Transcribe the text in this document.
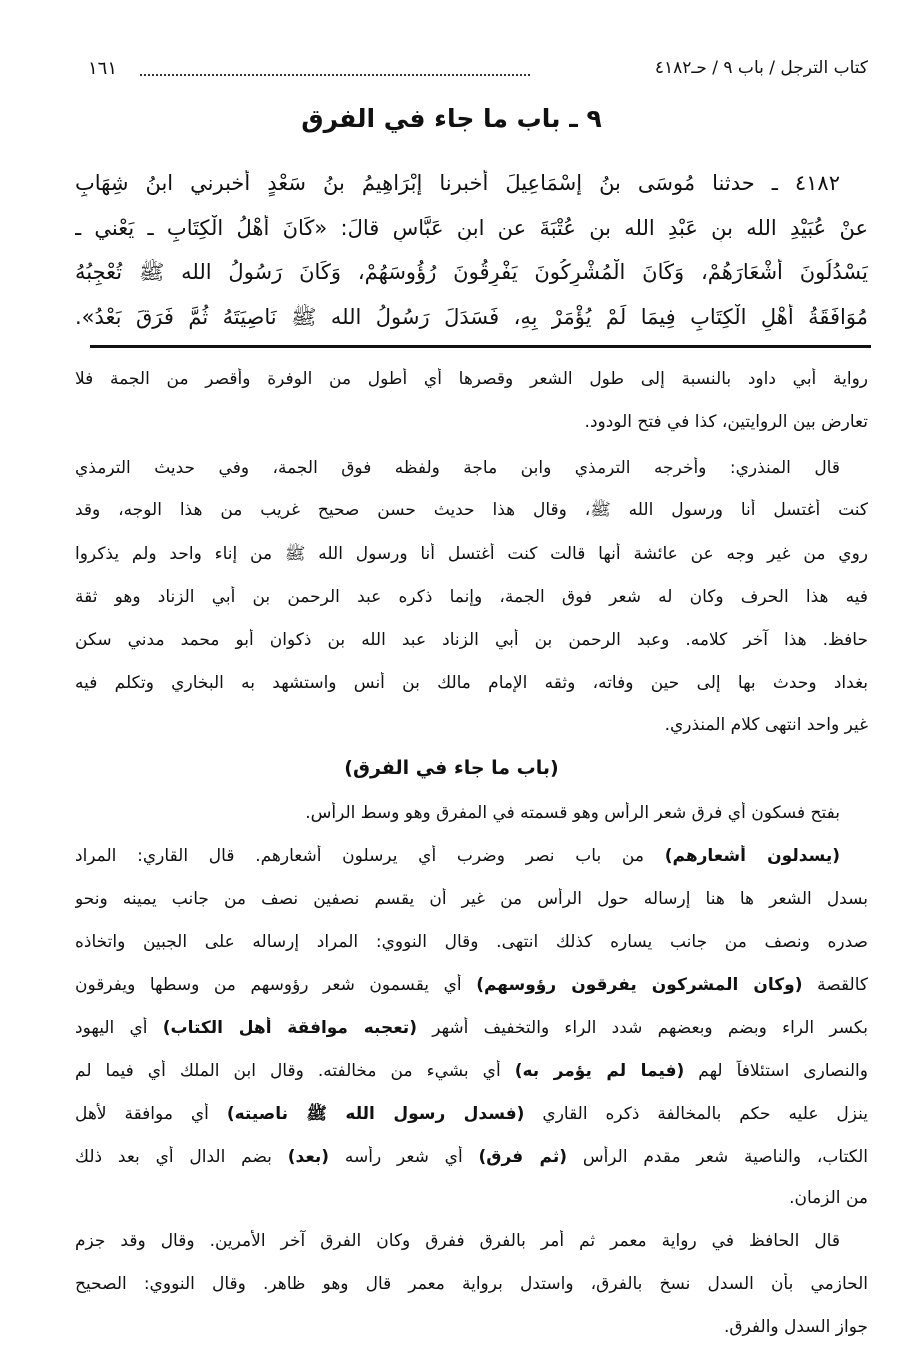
١٦١	كتاب الترجل / باب ٩ / حـ٤١٨٢
٩ ـ باب ما جاء في الفرق
٤١٨٢ ـ حدثنا مُوسَى بنُ إسْمَاعِيلَ أخبرنا إبْرَاهِيمُ بنُ سَعْدٍ أخبرني ابنُ شِهَابٍ
عنْ عُبَيْدِ الله بنِ عَبْدِ الله بنِ عُتْبَةَ عن ابنِ عَبَّاسٍ قالَ: «كَانَ أَهْلُ الْكِتَابِ ـ يَعْني ـ
يَسْدُلُونَ أَشْعَارَهُمْ، وَكَانَ الْمُشْرِكُونَ يَفْرِقُونَ رُؤُوسَهُمْ، وَكَانَ رَسُولُ الله ﷺ تُعْجِبُهُ
مُوَافَقَةُ أَهْلِ الْكِتَابِ فِيمَا لَمْ يُؤْمَرْ بِهِ، فَسَدَلَ رَسُولُ الله ﷺ نَاصِيَتَهُ ثُمَّ فَرَقَ بَعْدُ».
رواية أبي داود بالنسبة إلى طول الشعر وقصرها أي أطول من الوفرة وأقصر من الجمة فلا
تعارض بين الروايتين، كذا في فتح الودود.
قال المنذري: وأخرجه الترمذي وابن ماجة ولفظه فوق الجمة، وفي حديث الترمذي
كنت أغتسل أنا ورسول الله ﷺ، وقال هذا حديث حسن صحيح غريب من هذا الوجه، وقد
روي من غير وجه عن عائشة أنها قالت كنت أغتسل أنا ورسول الله ﷺ من إناء واحد ولم يذكروا
فيه هذا الحرف وكان له شعر فوق الجمة، وإنما ذكره عبد الرحمن بن أبي الزناد وهو ثقة
حافظ. هذا آخر كلامه. وعبد الرحمن بن أبي الزناد عبد الله بن ذكوان أبو محمد مدني سكن
بغداد وحدث بها إلى حين وفاته، وثقه الإمام مالك بن أنس واستشهد به البخاري وتكلم فيه
غير واحد انتهى كلام المنذري.
(باب ما جاء في الفرق)
بفتح فسكون أي فرق شعر الرأس وهو قسمته في المفرق وهو وسط الرأس.
(يسدلون أشعارهم) من باب نصر وضرب أي يرسلون أشعارهم. قال القاري: المراد
بسدل الشعر ها هنا إرساله حول الرأس من غير أن يقسم نصفين نصف من جانب يمينه ونحو
صدره ونصف من جانب يساره كذلك انتهى. وقال النووي: المراد إرساله على الجبين واتخاذه
كالقصة (وكان المشركون يفرقون رؤوسهم) أي يقسمون شعر رؤوسهم من وسطها ويفرقون
بكسر الراء وبضم وبعضهم شدد الراء والتخفيف أشهر (تعجبه موافقة أهل الكتاب) أي اليهود
والنصارى استئلافاً لهم (فيما لم يؤمر به) أي بشيء من مخالفته. وقال ابن الملك أي فيما لم
ينزل عليه حكم بالمخالفة ذكره القاري (فسدل رسول الله ﷺ ناصيته) أي موافقة لأهل
الكتاب، والناصية شعر مقدم الرأس (ثم فرق) أي شعر رأسه (بعد) بضم الدال أي بعد ذلك
من الزمان.
قال الحافظ في رواية معمر ثم أمر بالفرق ففرق وكان الفرق آخر الأمرين. وقال وقد جزم
الحازمي بأن السدل نسخ بالفرق، واستدل برواية معمر قال وهو ظاهر. وقال النووي: الصحيح
جواز السدل والفرق.
